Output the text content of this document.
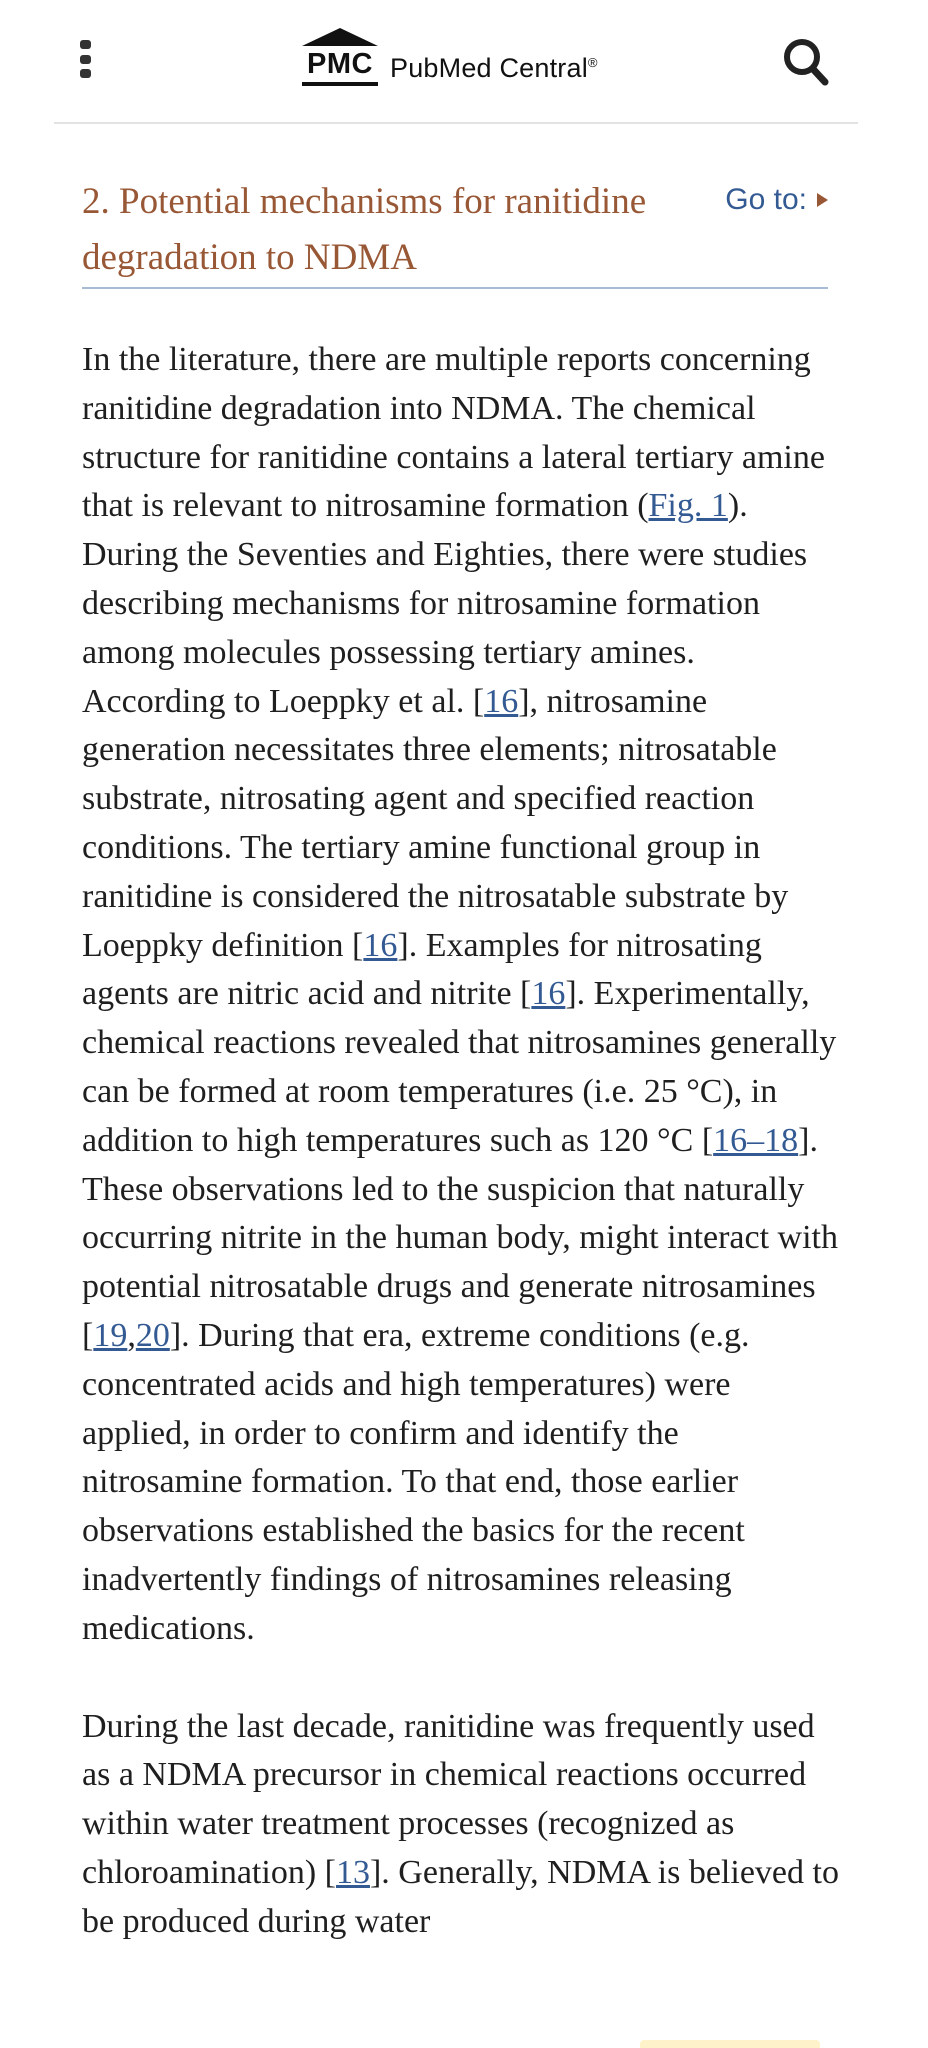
PMC PubMed Central®
2. Potential mechanisms for ranitidine degradation to NDMA
Go to:

In the literature, there are multiple reports concerning ranitidine degradation into NDMA. The chemical structure for ranitidine contains a lateral tertiary amine that is relevant to nitrosamine formation (Fig. 1). During the Seventies and Eighties, there were studies describing mechanisms for nitrosamine formation among molecules possessing tertiary amines. According to Loeppky et al. [16], nitrosamine generation necessitates three elements; nitrosatable substrate, nitrosating agent and specified reaction conditions. The tertiary amine functional group in ranitidine is considered the nitrosatable substrate by Loeppky definition [16]. Examples for nitrosating agents are nitric acid and nitrite [16]. Experimentally, chemical reactions revealed that nitrosamines generally can be formed at room temperatures (i.e. 25 °C), in addition to high temperatures such as 120 °C [16–18]. These observations led to the suspicion that naturally occurring nitrite in the human body, might interact with potential nitrosatable drugs and generate nitrosamines [19,20]. During that era, extreme conditions (e.g. concentrated acids and high temperatures) were applied, in order to confirm and identify the nitrosamine formation. To that end, those earlier observations established the basics for the recent inadvertently findings of nitrosamines releasing medications.

During the last decade, ranitidine was frequently used as a NDMA precursor in chemical reactions occurred within water treatment processes (recognized as chloroamination) [13]. Generally, NDMA is believed to be produced during water
